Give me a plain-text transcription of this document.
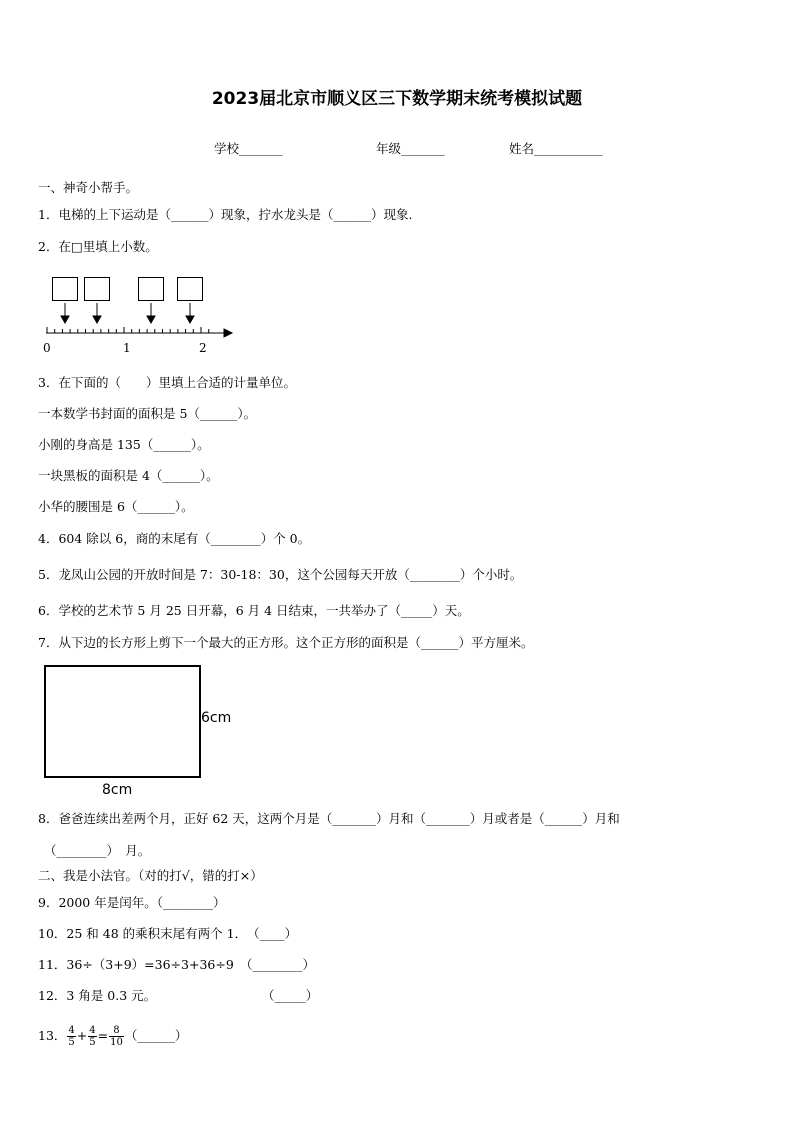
2023届北京市顺义区三下数学期末统考模拟试题
学校_______	年级_______	姓名___________
一、神奇小帮手。
1．电梯的上下运动是（______）现象，拧水龙头是（______）现象.
2．在□里填上小数。
0	1	2
3．在下面的（　　）里填上合适的计量单位。
一本数学书封面的面积是 5（______）。
小刚的身高是 135（______）。
一块黑板的面积是 4（______）。
小华的腰围是 6（______）。
4．604 除以 6，商的末尾有（________）个 0。
5．龙凤山公园的开放时间是 7：30-18：30，这个公园每天开放（________）个小时。
6．学校的艺术节 5 月 25 日开幕，6 月 4 日结束，一共举办了（_____）天。
7．从下边的长方形上剪下一个最大的正方形。这个正方形的面积是（______）平方厘米。
6cm
8cm
8．爸爸连续出差两个月，正好 62 天，这两个月是（_______）月和（_______）月或者是（______）月和
（________）　月。
二、我是小法官。（对的打√，错的打×）
9．2000 年是闰年。（________）
10．25 和 48 的乘积末尾有两个 1．　（____）
11．36÷（3+9）=36÷3+36÷9　（________）
12．3 角是 0.3 元。	（_____）
13． $\frac{4}{5} + \frac{4}{5} = \frac{8}{10}$ （______）
